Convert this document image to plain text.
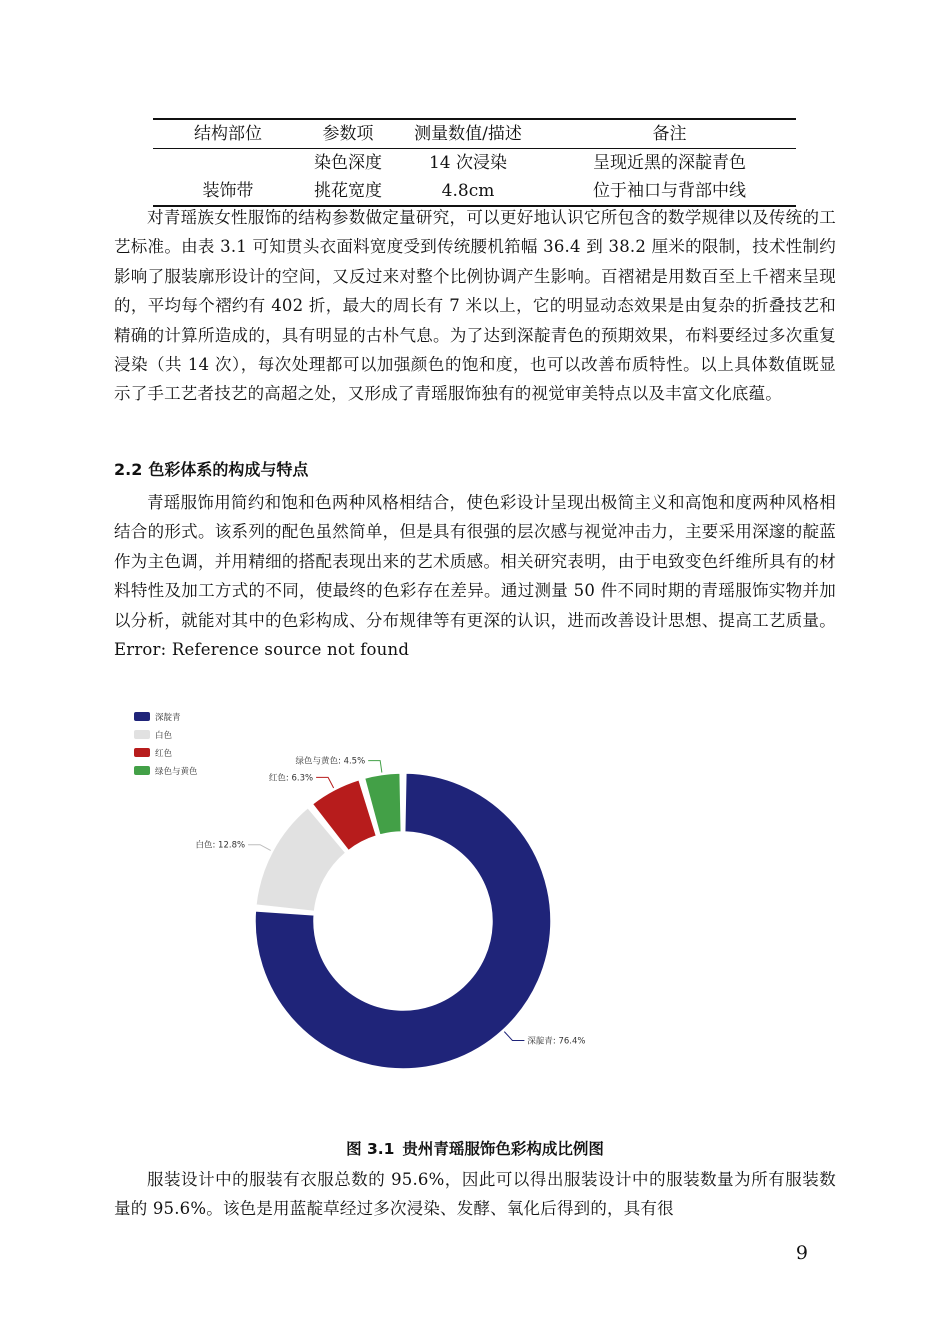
结构部位	参数项	测量数值/描述	备注
	染色深度	14 次浸染	呈现近黑的深靛青色
装饰带	挑花宽度	4.8cm	位于袖口与背部中线

对青瑶族女性服饰的结构参数做定量研究，可以更好地认识它所包含的数学规律以及传统的工艺标准。由表 3.1 可知贯头衣面料宽度受到传统腰机筘幅 36.4 到 38.2 厘米的限制，技术性制约影响了服装廓形设计的空间，又反过来对整个比例协调产生影响。百褶裙是用数百至上千褶来呈现的，平均每个褶约有 402 折，最大的周长有 7 米以上，它的明显动态效果是由复杂的折叠技艺和精确的计算所造成的，具有明显的古朴气息。为了达到深靛青色的预期效果，布料要经过多次重复浸染（共 14 次），每次处理都可以加强颜色的饱和度，也可以改善布质特性。以上具体数值既显示了手工艺者技艺的高超之处，又形成了青瑶服饰独有的视觉审美特点以及丰富文化底蕴。

2.2 色彩体系的构成与特点

青瑶服饰用简约和饱和色两种风格相结合，使色彩设计呈现出极简主义和高饱和度两种风格相结合的形式。该系列的配色虽然简单，但是具有很强的层次感与视觉冲击力，主要采用深邃的靛蓝作为主色调，并用精细的搭配表现出来的艺术质感。相关研究表明，由于电致变色纤维所具有的材料特性及加工方式的不同，使最终的色彩存在差异。通过测量 50 件不同时期的青瑶服饰实物并加以分析，就能对其中的色彩构成、分布规律等有更深的认识，进而改善设计思想、提高工艺质量。Error: Reference source not found

深靛青
白色
红色
绿色与黄色
深靛青: 76.4%
白色: 12.8%
红色: 6.3%
绿色与黄色: 4.5%

图 3.1 贵州青瑶服饰色彩构成比例图

服装设计中的服装有衣服总数的 95.6%，因此可以得出服装设计中的服装数量为所有服装数量的 95.6%。该色是用蓝靛草经过多次浸染、发酵、氧化后得到的，具有很

9
